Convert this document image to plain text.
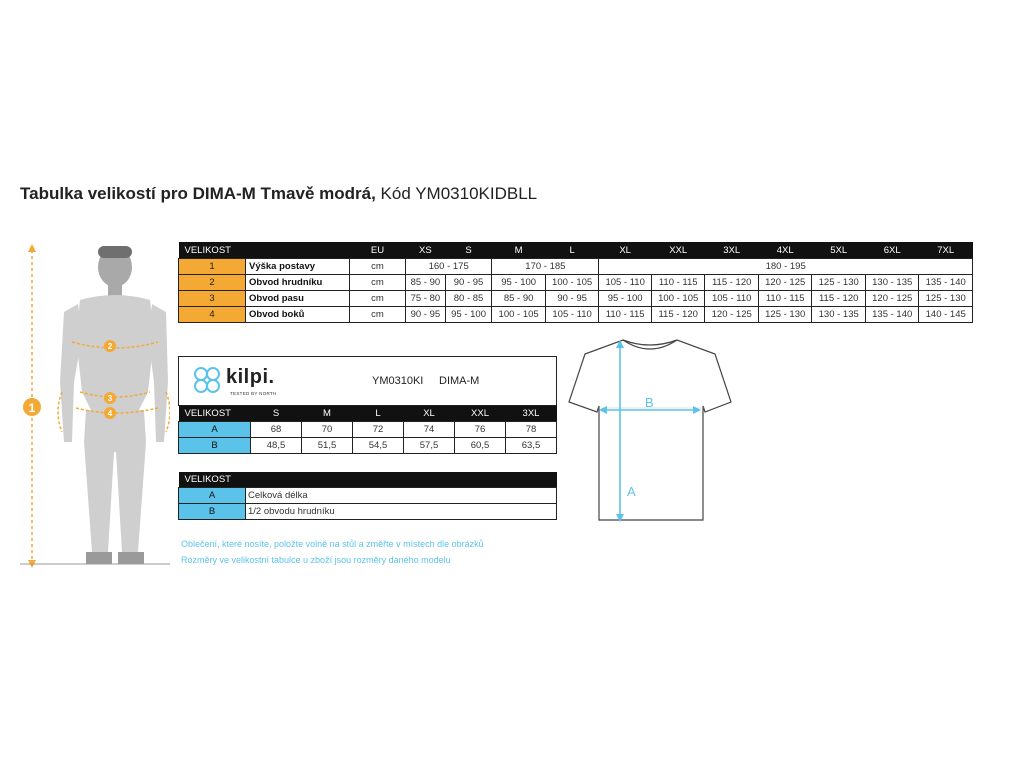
Tabulka velikostí pro DIMA-M Tmavě modrá, Kód YM0310KIDBLL
1
2
3
4
VELIKOST		EU	XS	S	M	L	XL	XXL	3XL	4XL	5XL	6XL	7XL
1	Výška postavy	cm	160 - 175		170 - 185		180 - 195						
2	Obvod hrudníku	cm	85 - 90	90 - 95	95 - 100	100 - 105	105 - 110	110 - 115	115 - 120	120 - 125	125 - 130	130 - 135	135 - 140
3	Obvod pasu	cm	75 - 80	80 - 85	85 - 90	90 - 95	95 - 100	100 - 105	105 - 110	110 - 115	115 - 120	120 - 125	125 - 130
4	Obvod boků	cm	90 - 95	95 - 100	100 - 105	105 - 110	110 - 115	115 - 120	120 - 125	125 - 130	130 - 135	135 - 140	140 - 145
kilpi.
TESTED BY NORTH
YM0310KI DIMA-M
VELIKOST	S	M	L	XL	XXL	3XL
A	68	70	72	74	76	78
B	48,5	51,5	54,5	57,5	60,5	63,5
VELIKOST	
A	Celková délka
B	1/2 obvodu hrudníku
Oblečení, které nosíte, položte volně na stůl a změřte v místech dle obrázků
Rozměry ve velikostní tabulce u zboží jsou rozměry daného modelu
A
B
